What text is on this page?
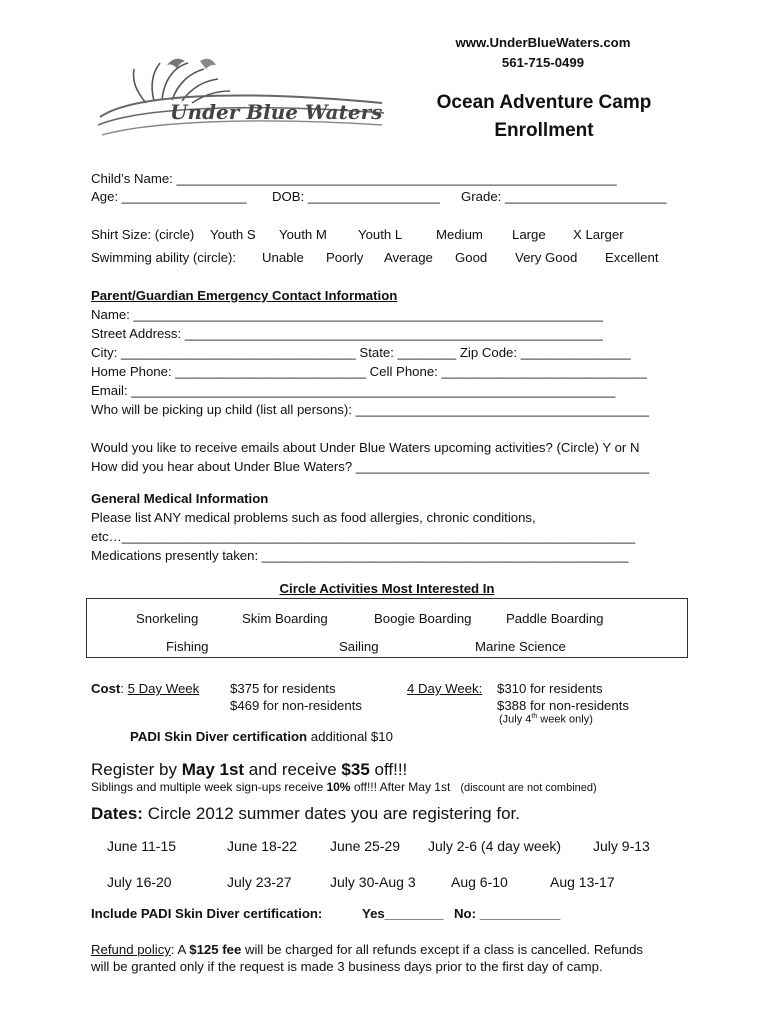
www.UnderBlueWaters.com
561-715-0499
Under Blue Waters	Ocean Adventure Camp
Enrollment
Child’s Name: ____________________________________________________________
Age: _________________ DOB: __________________ Grade: ______________________
Shirt Size: (circle) Youth S Youth M Youth L	Medium Large X Larger
Swimming ability (circle): Unable Poorly Average Good Very Good Excellent
Parent/Guardian Emergency Contact Information
Name: ________________________________________________________________
Street Address: _________________________________________________________
City: ________________________________ State: ________ Zip Code: _______________
Home Phone: __________________________ Cell Phone: ____________________________
Email: __________________________________________________________________
Who will be picking up child (list all persons): ________________________________________
Would you like to receive emails about Under Blue Waters upcoming activities? (Circle) Y or N
How did you hear about Under Blue Waters? ________________________________________
General Medical Information
Please list ANY medical problems such as food allergies, chronic conditions,
etc…______________________________________________________________________
Medications presently taken: __________________________________________________
Circle Activities Most Interested In
Snorkeling	Skim Boarding	Boogie Boarding	Paddle Boarding
Fishing	Sailing	Marine Science
Cost: 5 Day Week $375 for residents
$469 for non-residents
4 Day Week: $310 for residents
$388 for non-residents
(July 4th week only)
PADI Skin Diver certification additional $10
Register by May 1st and receive $35 off!!!
Siblings and multiple week sign-ups receive 10% off!!! After May 1st (discount are not combined)
Dates: Circle 2012 summer dates you are registering for.
June 11-15	June 18-22 June 25-29 July 2-6 (4 day week) July 9-13
July 16-20	July 23-27	July 30-Aug 3	Aug 6-10	Aug 13-17
Include PADI Skin Diver certification:	Yes________ No: ___________
Refund policy: A $125 fee will be charged for all refunds except if a class is cancelled. Refunds
will be granted only if the request is made 3 business days prior to the first day of camp.
